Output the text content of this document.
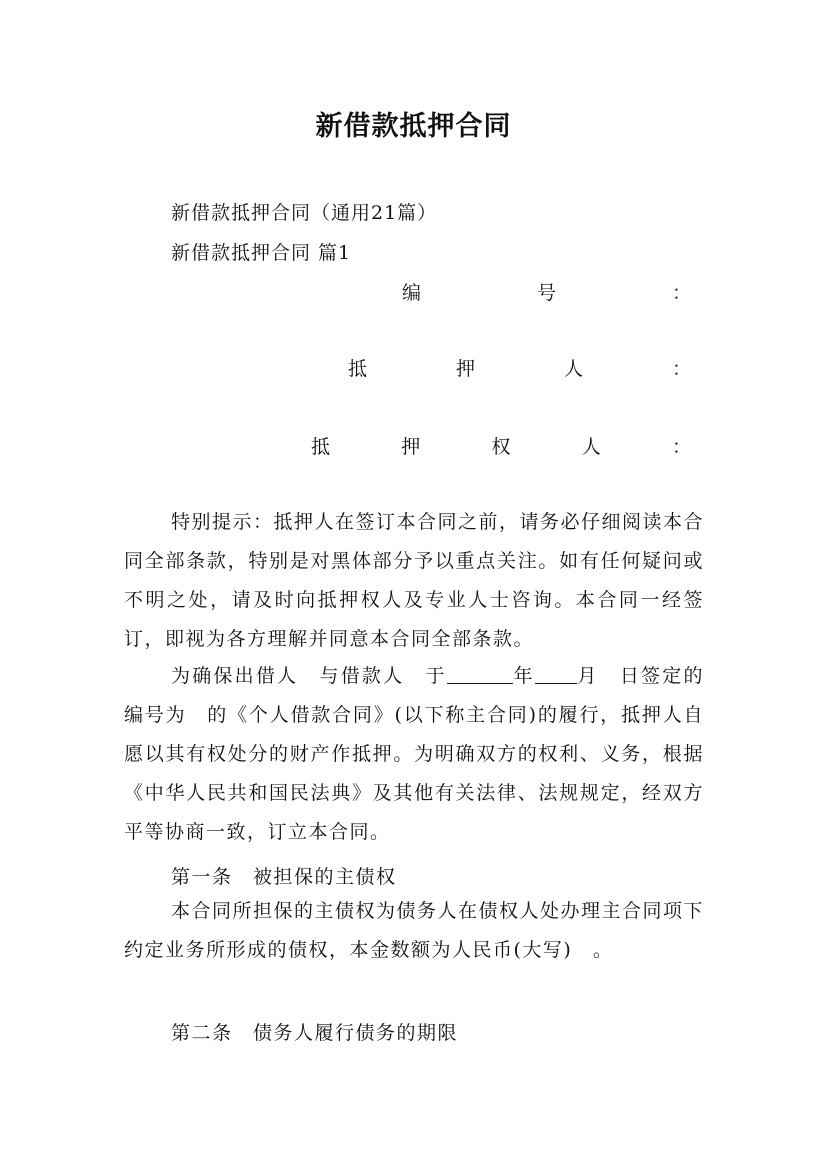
新借款抵押合同
新借款抵押合同（通用21篇）
新借款抵押合同 篇1
编	号	：
抵	押	人	：
抵	押	权	人	：
特别提示：抵押人在签订本合同之前，请务必仔细阅读本合同全部条款，特别是对黑体部分予以重点关注。如有任何疑问或不明之处，请及时向抵押权人及专业人士咨询。本合同一经签订，即视为各方理解并同意本合同全部条款。
为确保出借人　与借款人　于	年 月　日签定的编号为　的《个人借款合同》(以下称主合同)的履行，抵押人自愿以其有权处分的财产作抵押。为明确双方的权利、义务，根据《中华人民共和国民法典》及其他有关法律、法规规定，经双方平等协商一致，订立本合同。
第一条　被担保的主债权
本合同所担保的主债权为债务人在债权人处办理主合同项下约定业务所形成的债权，本金数额为人民币(大写)　。
第二条　债务人履行债务的期限
